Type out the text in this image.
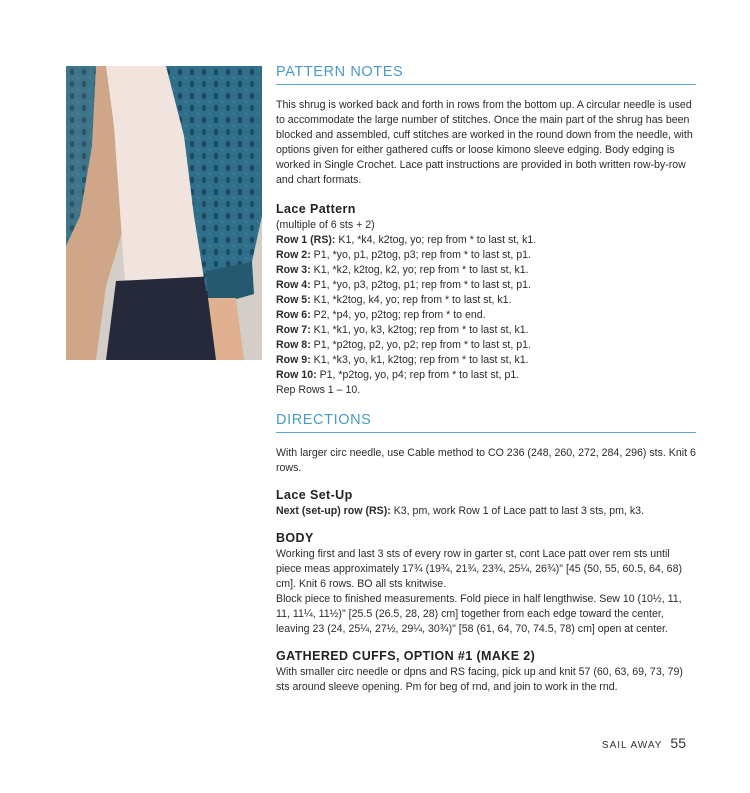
PATTERN NOTES

This shrug is worked back and forth in rows from the bottom up. A circular needle is used to accommodate the large number of stitches. Once the main part of the shrug has been blocked and assembled, cuff stitches are worked in the round down from the needle, with options given for either gathered cuffs or loose kimono sleeve edging. Body edging is worked in Single Crochet. Lace patt instructions are provided in both written row-by-row and chart formats.

Lace Pattern
(multiple of 6 sts + 2)
Row 1 (RS): K1, *k4, k2tog, yo; rep from * to last st, k1.
Row 2: P1, *yo, p1, p2tog, p3; rep from * to last st, p1.
Row 3: K1, *k2, k2tog, k2, yo; rep from * to last st, k1.
Row 4: P1, *yo, p3, p2tog, p1; rep from * to last st, p1.
Row 5: K1, *k2tog, k4, yo; rep from * to last st, k1.
Row 6: P2, *p4, yo, p2tog; rep from * to end.
Row 7: K1, *k1, yo, k3, k2tog; rep from * to last st, k1.
Row 8: P1, *p2tog, p2, yo, p2; rep from * to last st, p1.
Row 9: K1, *k3, yo, k1, k2tog; rep from * to last st, k1.
Row 10: P1, *p2tog, yo, p4; rep from * to last st, p1.
Rep Rows 1 – 10.
DIRECTIONS

With larger circ needle, use Cable method to CO 236 (248, 260, 272, 284, 296) sts. Knit 6 rows.

Lace Set-Up
Next (set-up) row (RS): K3, pm, work Row 1 of Lace patt to last 3 sts, pm, k3.
BODY

Working first and last 3 sts of every row in garter st, cont Lace patt over rem sts until piece meas approximately 17¾ (19¾, 21¾, 23¾, 25¼, 26¾)" [45 (50, 55, 60.5, 64, 68) cm]. Knit 6 rows. BO all sts knitwise.

Block piece to finished measurements. Fold piece in half lengthwise. Sew 10 (10½, 11, 11, 11¼, 11½)" [25.5 (26.5, 28, 28) cm] together from each edge toward the center, leaving 23 (24, 25¼, 27½, 29¼, 30¾)" [58 (61, 64, 70, 74.5, 78) cm] open at center.

GATHERED CUFFS, OPTION #1 (MAKE 2)

With smaller circ needle or dpns and RS facing, pick up and knit 57 (60, 63, 69, 73, 79) sts around sleeve opening. Pm for beg of rnd, and join to work in the rnd.

SAIL AWAY 55
